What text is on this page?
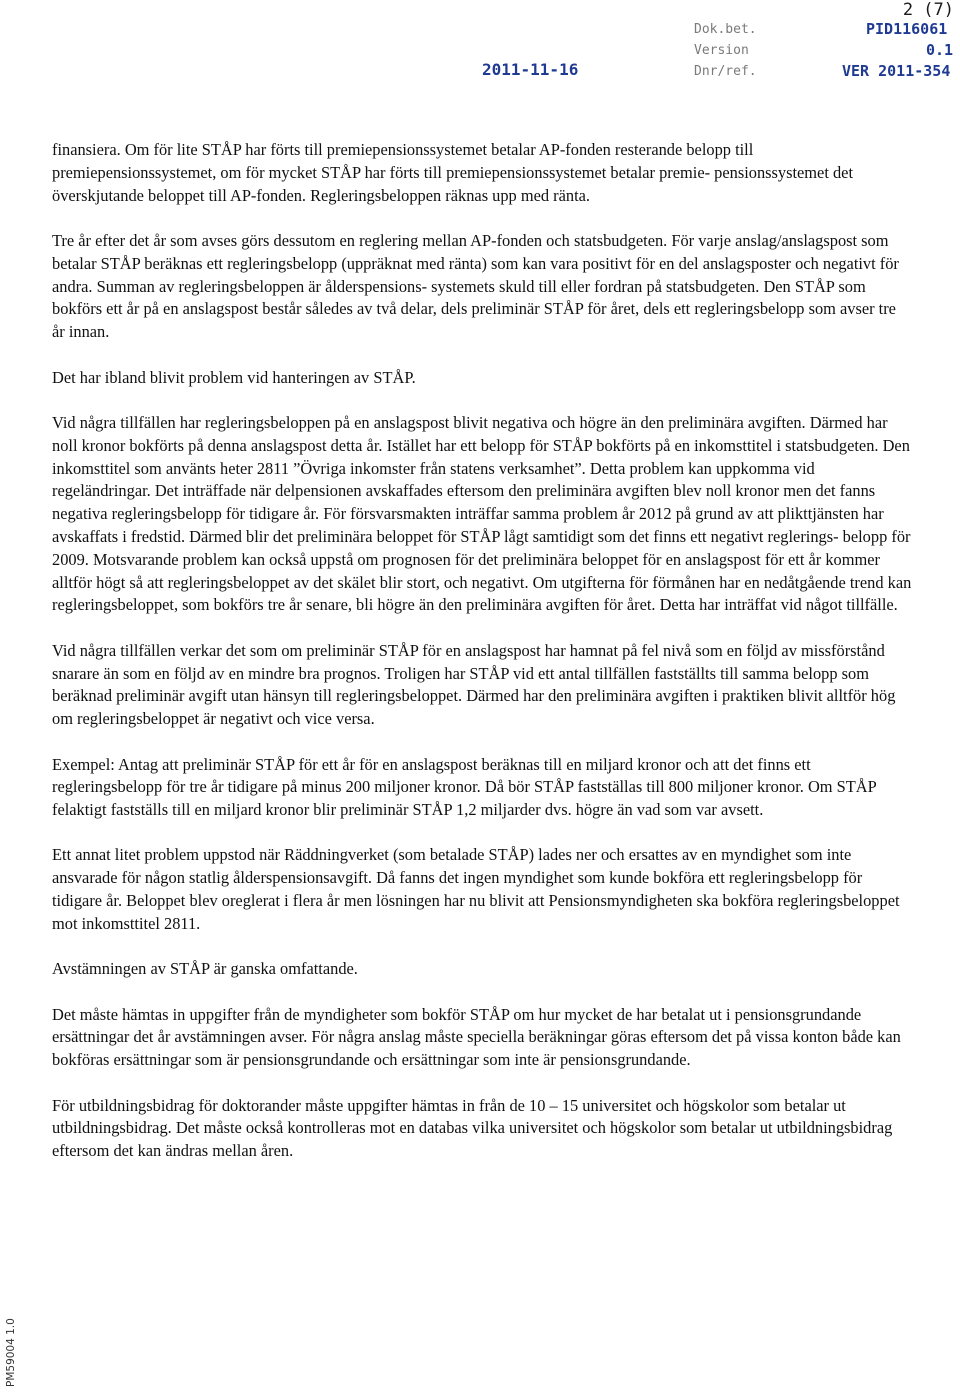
2 (7)
Dok.bet.	PID116061
Version	0.1
2011-11-16	Dnr/ref.	VER 2011-354

finansiera. Om för lite STÅP har förts till premiepensionssystemet betalar AP-fonden resterande belopp till premiepensionssystemet, om för mycket STÅP har förts till premiepensionssystemet betalar premie- pensionssystemet det överskjutande beloppet till AP-fonden. Regleringsbeloppen räknas upp med ränta.

Tre år efter det år som avses görs dessutom en reglering mellan AP-fonden och statsbudgeten. För varje anslag/anslagspost som betalar STÅP beräknas ett regleringsbelopp (uppräknat med ränta) som kan vara positivt för en del anslagsposter och negativt för andra. Summan av regleringsbeloppen är ålderspensions- systemets skuld till eller fordran på statsbudgeten. Den STÅP som bokförs ett år på en anslagspost består således av två delar, dels preliminär STÅP för året, dels ett regleringsbelopp som avser tre år innan.

Det har ibland blivit problem vid hanteringen av STÅP.

Vid några tillfällen har regleringsbeloppen på en anslagspost blivit negativa och högre än den preliminära avgiften. Därmed har noll kronor bokförts på denna anslagspost detta år. Istället har ett belopp för STÅP bokförts på en inkomsttitel i statsbudgeten. Den inkomsttitel som använts heter 2811 ”Övriga inkomster från statens verksamhet”. Detta problem kan uppkomma vid regeländringar. Det inträffade när delpensionen avskaffades eftersom den preliminära avgiften blev noll kronor men det fanns negativa regleringsbelopp för tidigare år. För försvarsmakten inträffar samma problem år 2012 på grund av att plikttjänsten har avskaffats i fredstid. Därmed blir det preliminära beloppet för STÅP lågt samtidigt som det finns ett negativt reglerings- belopp för 2009. Motsvarande problem kan också uppstå om prognosen för det preliminära beloppet för en anslagspost för ett år kommer alltför högt så att regleringsbeloppet av det skälet blir stort, och negativt. Om utgifterna för förmånen har en nedåtgående trend kan regleringsbeloppet, som bokförs tre år senare, bli högre än den preliminära avgiften för året. Detta har inträffat vid något tillfälle.

Vid några tillfällen verkar det som om preliminär STÅP för en anslagspost har hamnat på fel nivå som en följd av missförstånd snarare än som en följd av en mindre bra prognos. Troligen har STÅP vid ett antal tillfällen fastställts till samma belopp som beräknad preliminär avgift utan hänsyn till regleringsbeloppet. Därmed har den preliminära avgiften i praktiken blivit alltför hög om regleringsbeloppet är negativt och vice versa.

Exempel: Antag att preliminär STÅP för ett år för en anslagspost beräknas till en miljard kronor och att det finns ett regleringsbelopp för tre år tidigare på minus 200 miljoner kronor. Då bör STÅP fastställas till 800 miljoner kronor. Om STÅP felaktigt fastställs till en miljard kronor blir preliminär STÅP 1,2 miljarder dvs. högre än vad som var avsett.

Ett annat litet problem uppstod när Räddningverket (som betalade STÅP) lades ner och ersattes av en myndighet som inte ansvarade för någon statlig ålderspensionsavgift. Då fanns det ingen myndighet som kunde bokföra ett regleringsbelopp för tidigare år. Beloppet blev oreglerat i flera år men lösningen har nu blivit att Pensionsmyndigheten ska bokföra regleringsbeloppet mot inkomsttitel 2811.

Avstämningen av STÅP är ganska omfattande.

Det måste hämtas in uppgifter från de myndigheter som bokför STÅP om hur mycket de har betalat ut i pensionsgrundande ersättningar det år avstämningen avser. För några anslag måste speciella beräkningar göras eftersom det på vissa konton både kan bokföras ersättningar som är pensionsgrundande och ersättningar som inte är pensionsgrundande.

För utbildningsbidrag för doktorander måste uppgifter hämtas in från de 10 – 15 universitet och högskolor som betalar ut utbildningsbidrag. Det måste också kontrolleras mot en databas vilka universitet och högskolor som betalar ut utbildningsbidrag eftersom det kan ändras mellan åren.

PM59004 1.0
